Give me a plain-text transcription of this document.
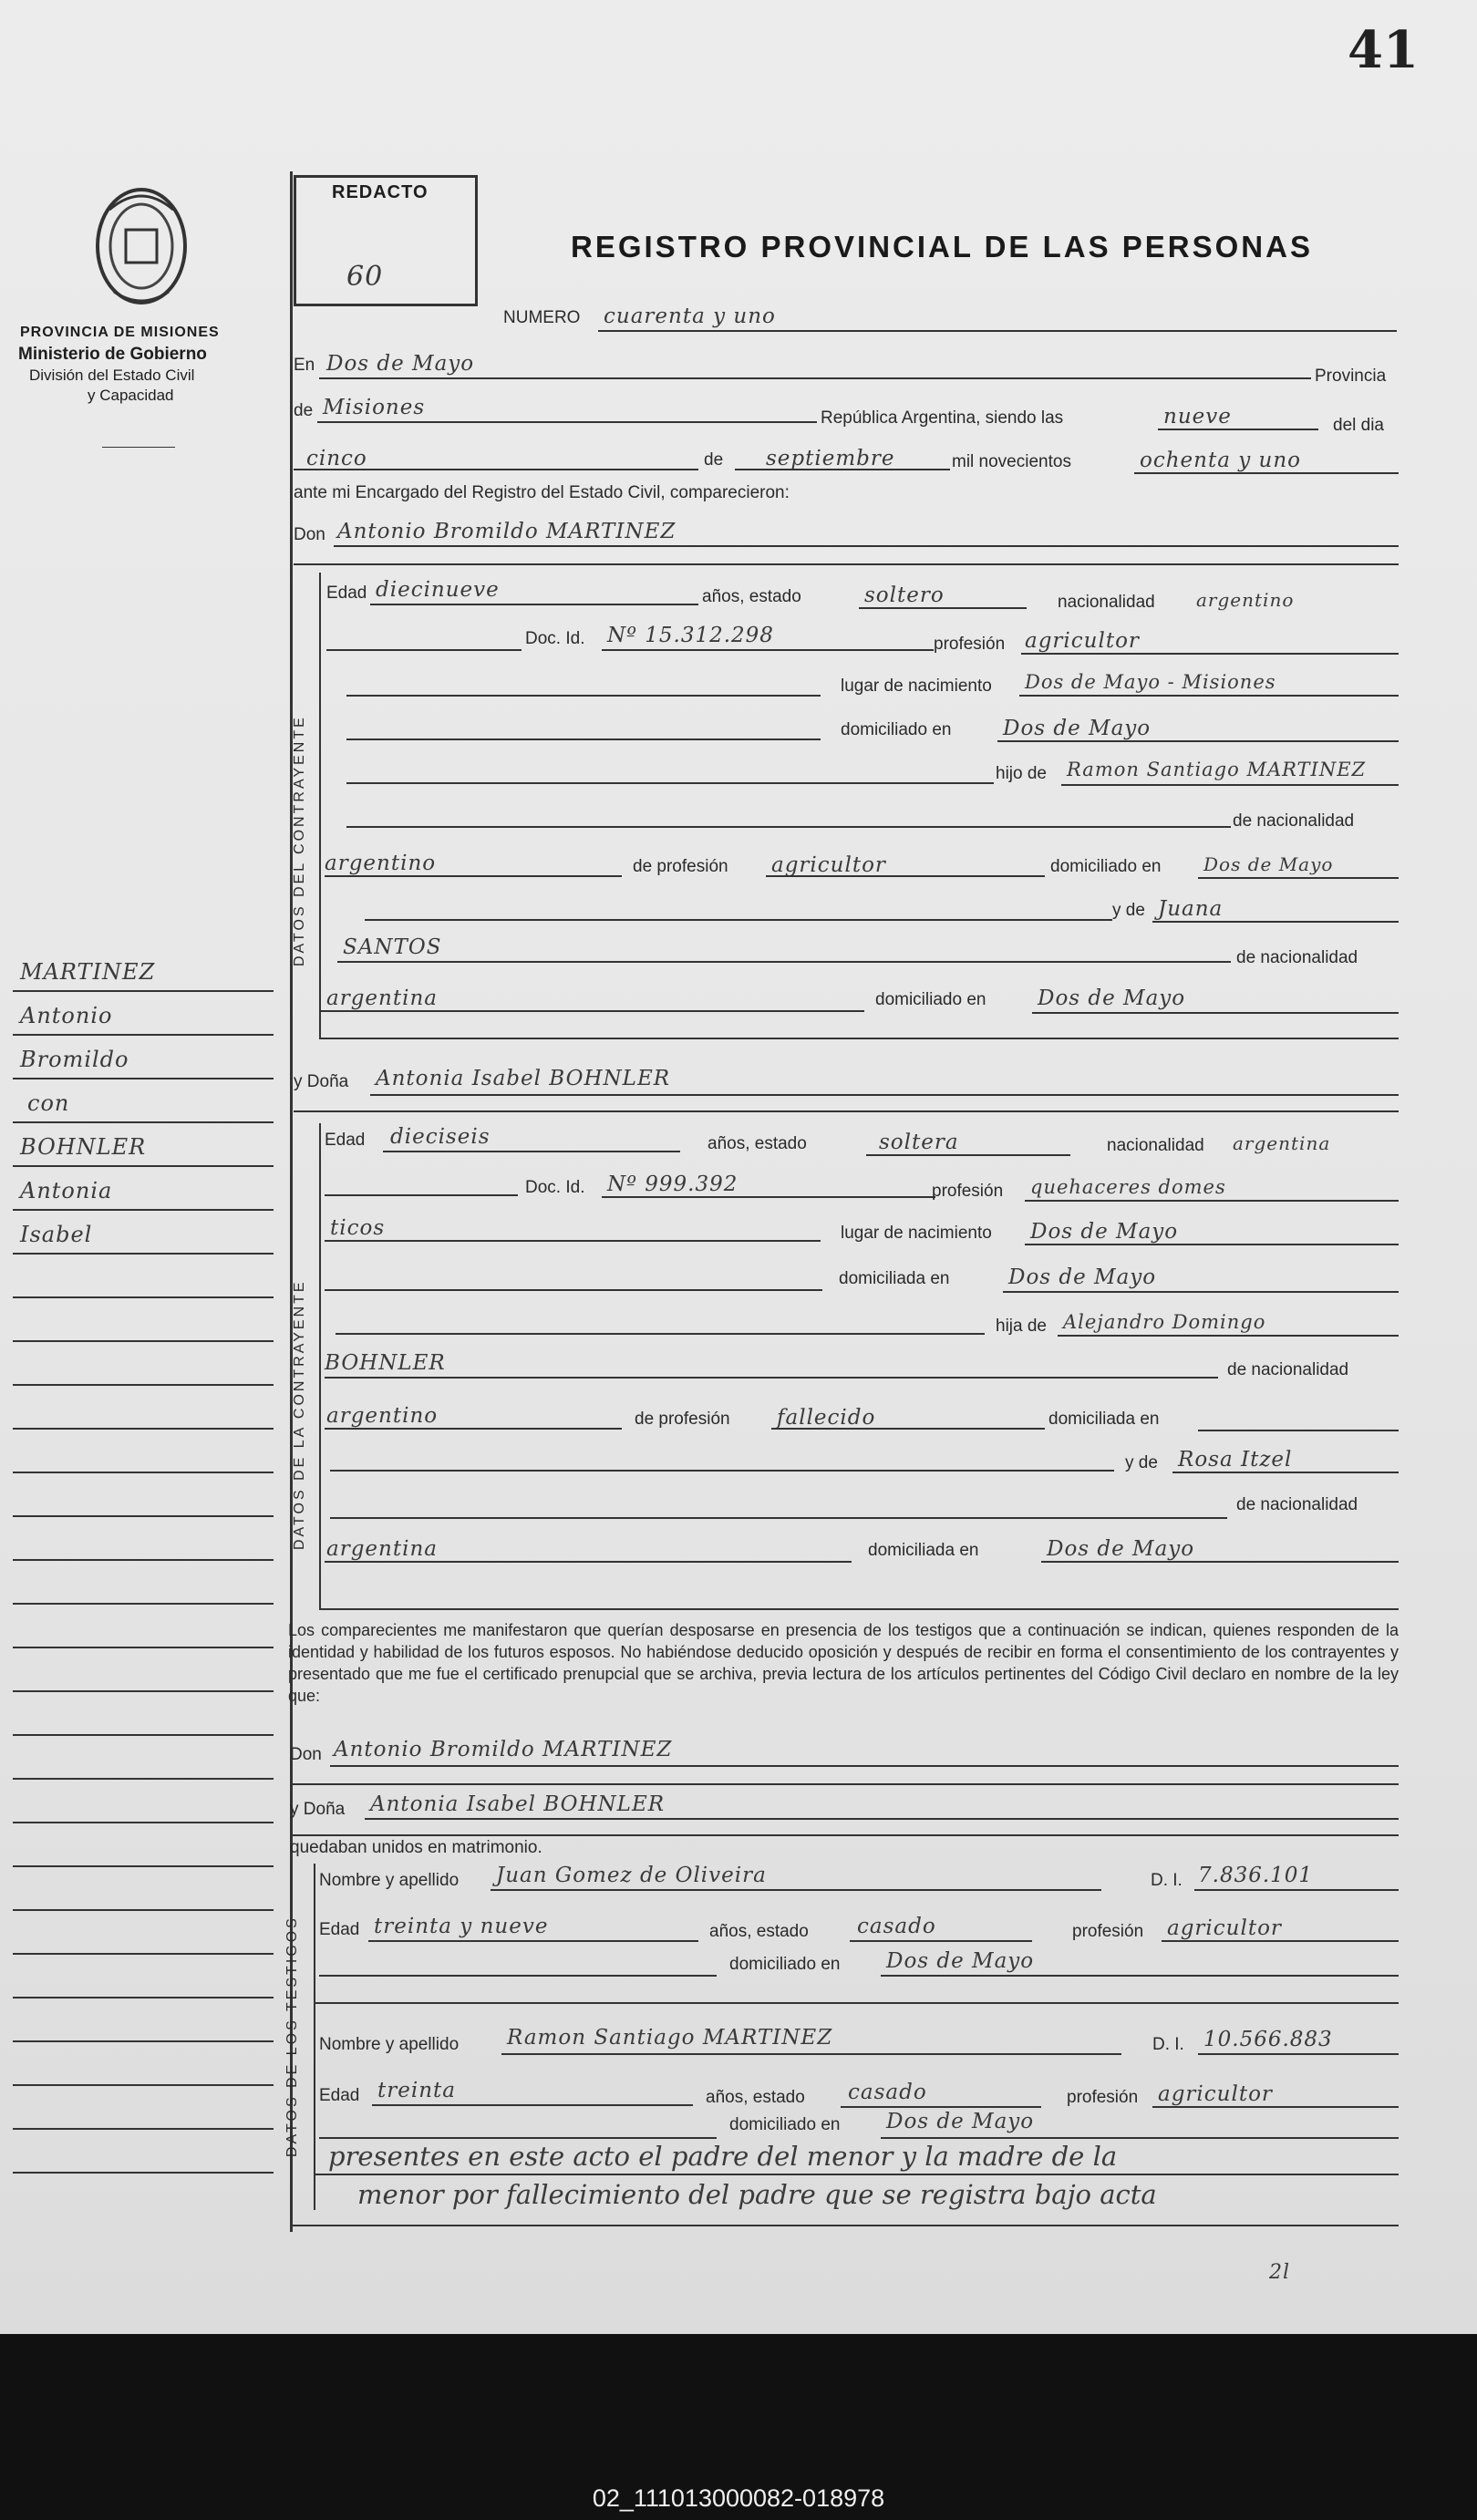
41
PROVINCIA DE MISIONES
Ministerio de Gobierno
División del Estado Civil
y Capacidad
REDACTO
60
REGISTRO PROVINCIAL DE LAS PERSONAS
NUMERO cuarenta y uno
En Dos de Mayo
Provincia
de Misiones	República Argentina, siendo las	nueve	del dia
cinco	de septiembre	mil novecientos	ochenta y uno
ante mi Encargado del Registro del Estado Civil, comparecieron:
Don Antonio Bromildo MARTINEZ
DATOS DEL CONTRAYENTE
Edad diecinueve	años, estado	soltero	nacionalidad argentino
Doc. Id. Nº 15.312.298	profesión agricultor
lugar de nacimiento Dos de Mayo - Misiones
domiciliado en Dos de Mayo
hijo de Ramon Santiago MARTINEZ
de nacionalidad
argentino	de profesión agricultor	domiciliado en Dos de Mayo
y de Juana
SANTOS	de nacionalidad
argentina	domiciliado en Dos de Mayo
y Doña Antonia Isabel BOHNLER
DATOS DE LA CONTRAYENTE
Edad dieciseis	años, estado	soltera	nacionalidad argentina
Doc. Id. Nº 999.392	profesión quehaceres domes
ticos	lugar de nacimiento Dos de Mayo
domiciliada en	Dos de Mayo
hija de Alejandro Domingo
BOHNLER	de nacionalidad
argentino	de profesión fallecido	domiciliada en
y de Rosa Itzel
de nacionalidad
argentina	domiciliada en	Dos de Mayo
Los comparecientes me manifestaron que querían desposarse en presencia de los testigos que a continuación se indican, quienes responden de la identidad y habilidad de los futuros esposos. No habiéndose deducido oposición y después de recibir en forma el consentimiento de los contrayentes y presentado que me fue el certificado prenupcial que se archiva, previa lectura de los artículos pertinentes del Código Civil declaro en nombre de la ley que:
Don Antonio Bromildo MARTINEZ
y Doña Antonia Isabel BOHNLER
quedaban unidos en matrimonio.
DATOS DE LOS TESTIGOS
Nombre y apellido Juan Gomez de Oliveira	D. I. 7.836.101
Edad treinta y nueve	años, estado casado	profesión agricultor
domiciliado en Dos de Mayo
Nombre y apellido Ramon Santiago MARTINEZ	D. I. 10.566.883
Edad treinta	años, estado casado	profesión agricultor
domiciliado en Dos de Mayo
presentes en este acto el padre del menor y la madre de la
menor por fallecimiento del padre que se registra bajo acta
2l
MARTINEZ
Antonio
Bromildo
con
BOHNLER
Antonia
Isabel
02_111013000082-018978
